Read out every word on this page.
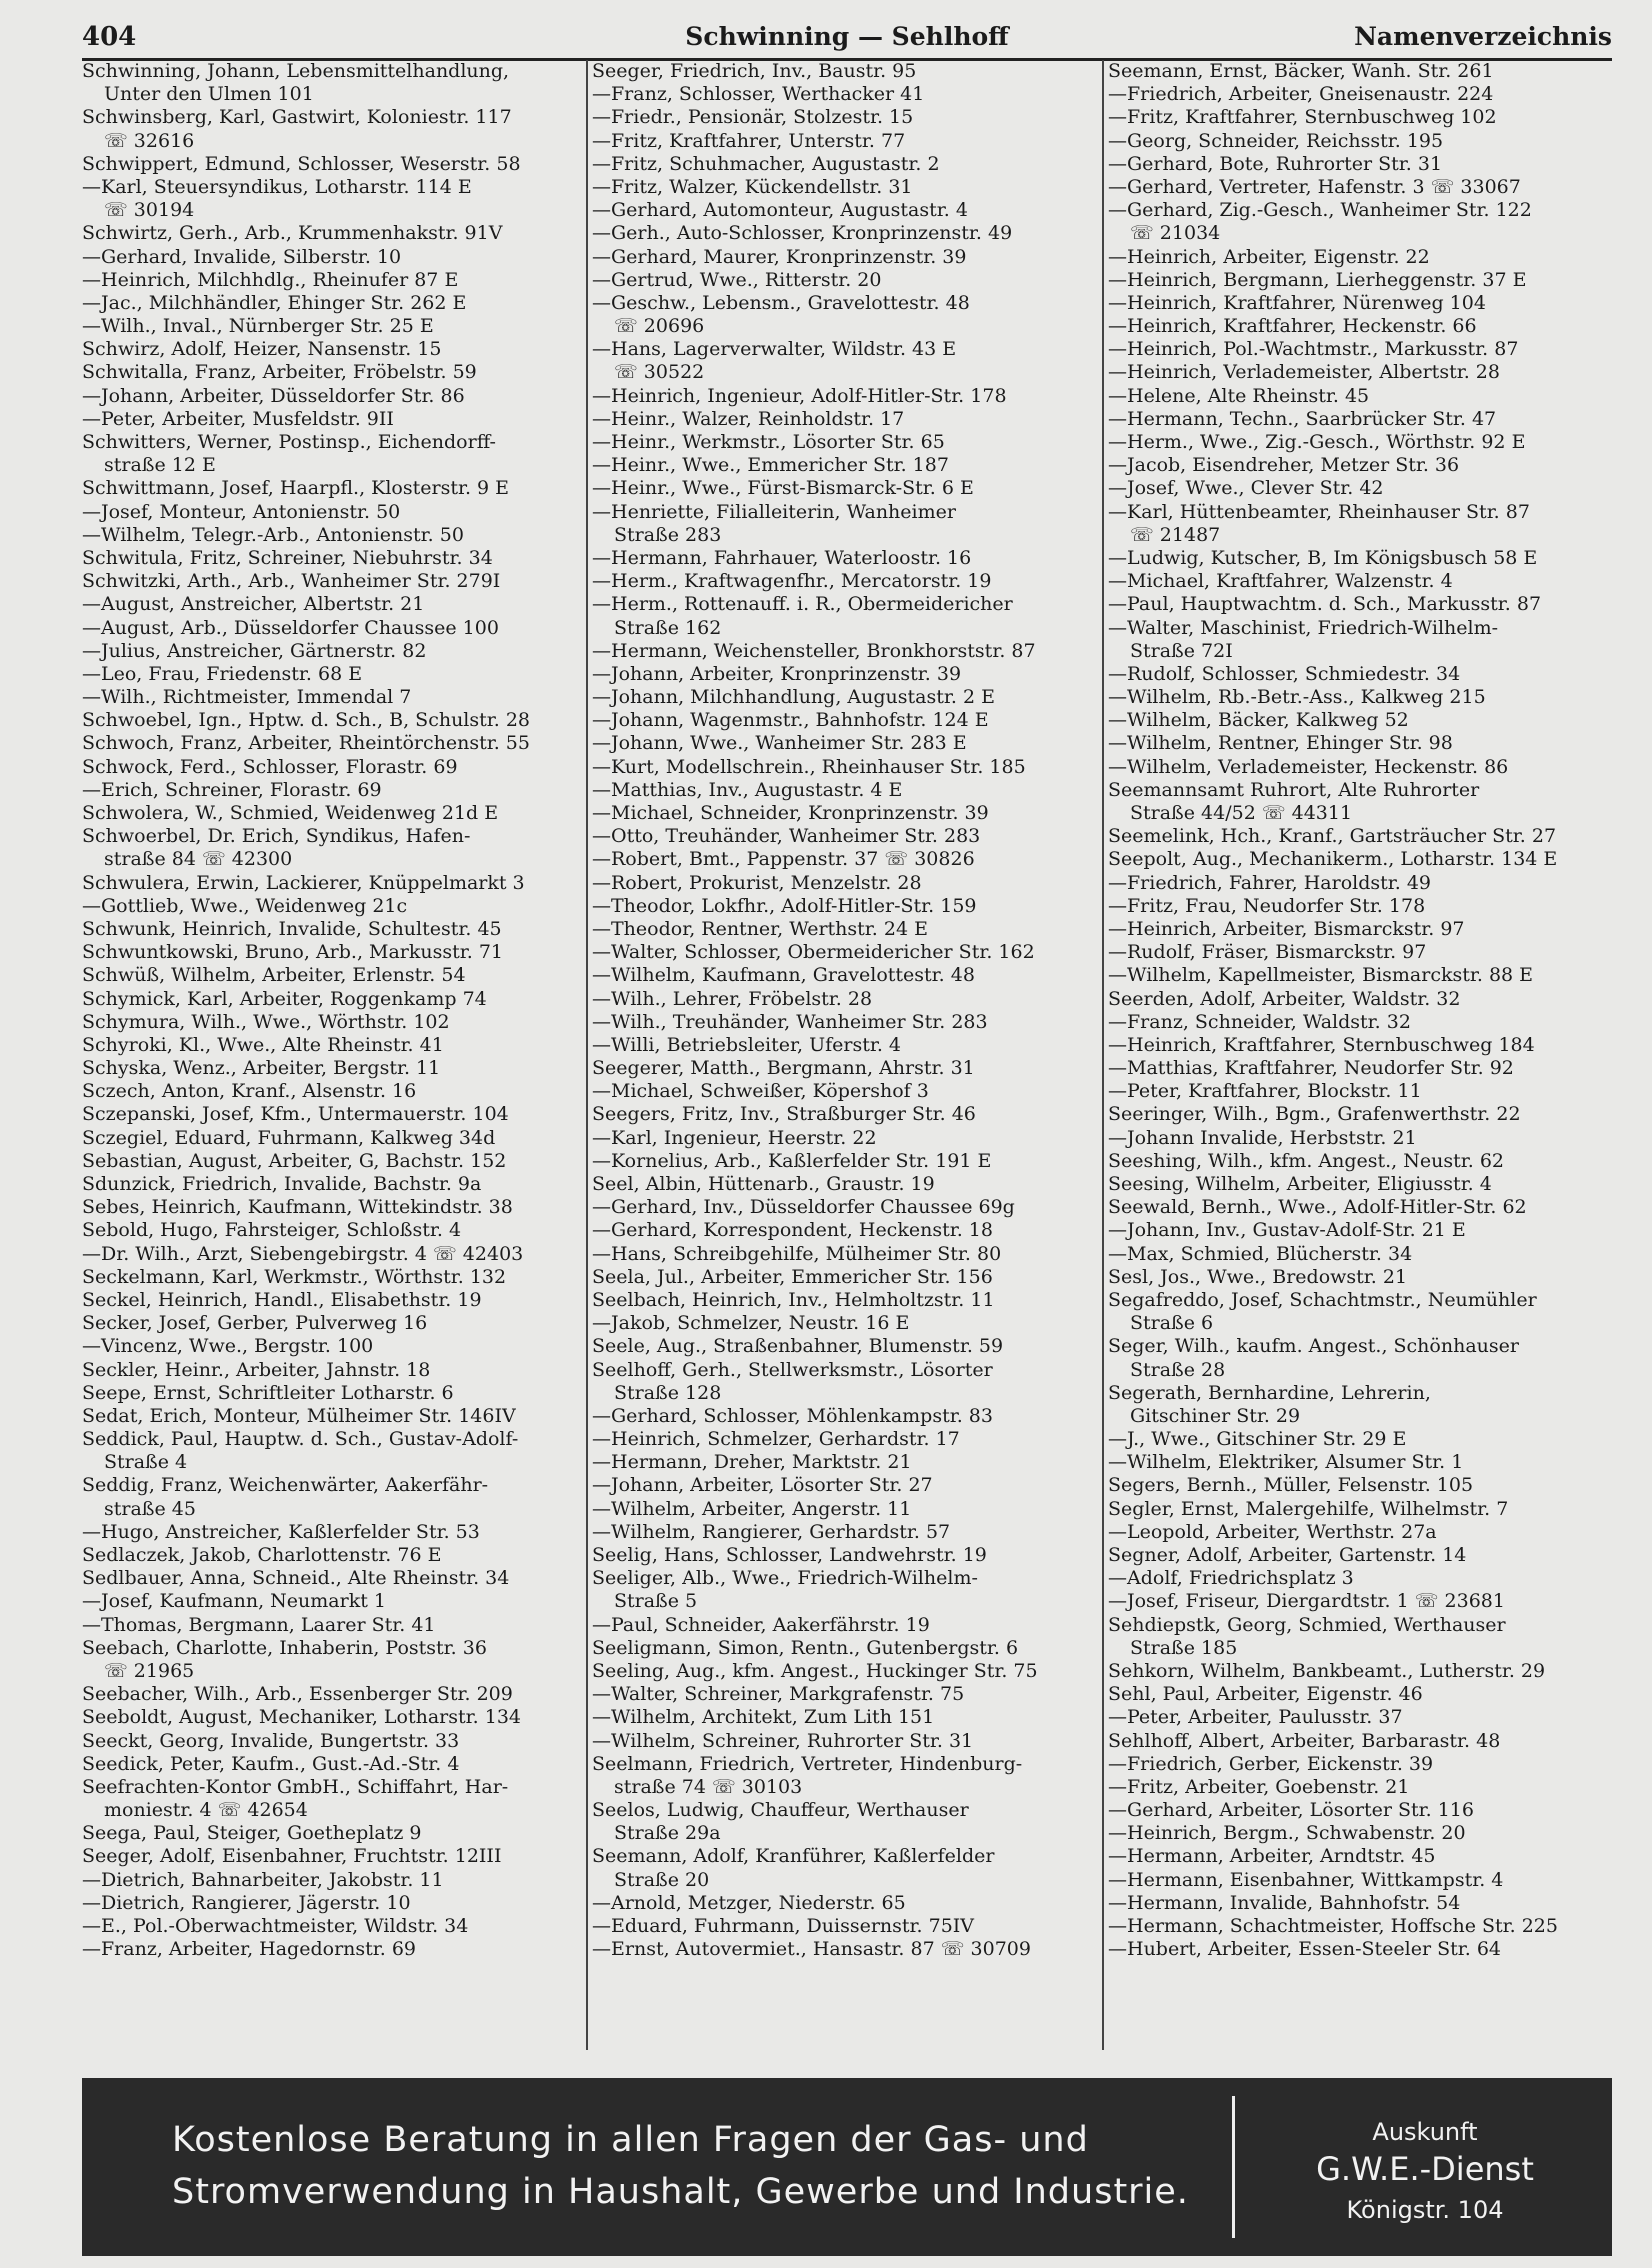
404	Schwinning — Sehlhoff	Namenverzeichnis
Schwinning, Johann, Lebensmittelhandlung,
Unter den Ulmen 101
Schwinsberg, Karl, Gastwirt, Koloniestr. 117
☏ 32616
Schwippert, Edmund, Schlosser, Weserstr. 58
—Karl, Steuersyndikus, Lotharstr. 114 E
☏ 30194
Schwirtz, Gerh., Arb., Krummenhakstr. 91V
—Gerhard, Invalide, Silberstr. 10
—Heinrich, Milchhdlg., Rheinufer 87 E
—Jac., Milchhändler, Ehinger Str. 262 E
—Wilh., Inval., Nürnberger Str. 25 E
Schwirz, Adolf, Heizer, Nansenstr. 15
Schwitalla, Franz, Arbeiter, Fröbelstr. 59
—Johann, Arbeiter, Düsseldorfer Str. 86
—Peter, Arbeiter, Musfeldstr. 9II
Schwitters, Werner, Postinsp., Eichendorff-
straße 12 E
Schwittmann, Josef, Haarpfl., Klosterstr. 9 E
—Josef, Monteur, Antonienstr. 50
—Wilhelm, Telegr.-Arb., Antonienstr. 50
Schwitula, Fritz, Schreiner, Niebuhrstr. 34
Schwitzki, Arth., Arb., Wanheimer Str. 279I
—August, Anstreicher, Albertstr. 21
—August, Arb., Düsseldorfer Chaussee 100
—Julius, Anstreicher, Gärtnerstr. 82
—Leo, Frau, Friedenstr. 68 E
—Wilh., Richtmeister, Immendal 7
Schwoebel, Ign., Hptw. d. Sch., B, Schulstr. 28
Schwoch, Franz, Arbeiter, Rheintörchenstr. 55
Schwock, Ferd., Schlosser, Florastr. 69
—Erich, Schreiner, Florastr. 69
Schwolera, W., Schmied, Weidenweg 21d E
Schwoerbel, Dr. Erich, Syndikus, Hafen-
straße 84 ☏ 42300
Schwulera, Erwin, Lackierer, Knüppelmarkt 3
—Gottlieb, Wwe., Weidenweg 21c
Schwunk, Heinrich, Invalide, Schultestr. 45
Schwuntkowski, Bruno, Arb., Markusstr. 71
Schwüß, Wilhelm, Arbeiter, Erlenstr. 54
Schymick, Karl, Arbeiter, Roggenkamp 74
Schymura, Wilh., Wwe., Wörthstr. 102
Schyroki, Kl., Wwe., Alte Rheinstr. 41
Schyska, Wenz., Arbeiter, Bergstr. 11
Sczech, Anton, Kranf., Alsenstr. 16
Sczepanski, Josef, Kfm., Untermauerstr. 104
Sczegiel, Eduard, Fuhrmann, Kalkweg 34d
Sebastian, August, Arbeiter, G, Bachstr. 152
Sdunzick, Friedrich, Invalide, Bachstr. 9a
Sebes, Heinrich, Kaufmann, Wittekindstr. 38
Sebold, Hugo, Fahrsteiger, Schloßstr. 4
—Dr. Wilh., Arzt, Siebengebirgstr. 4 ☏ 42403
Seckelmann, Karl, Werkmstr., Wörthstr. 132
Seckel, Heinrich, Handl., Elisabethstr. 19
Secker, Josef, Gerber, Pulverweg 16
—Vincenz, Wwe., Bergstr. 100
Seckler, Heinr., Arbeiter, Jahnstr. 18
Seepe, Ernst, Schriftleiter Lotharstr. 6
Sedat, Erich, Monteur, Mülheimer Str. 146IV
Seddick, Paul, Hauptw. d. Sch., Gustav-Adolf-
Straße 4
Seddig, Franz, Weichenwärter, Aakerfähr-
straße 45
—Hugo, Anstreicher, Kaßlerfelder Str. 53
Sedlaczek, Jakob, Charlottenstr. 76 E
Sedlbauer, Anna, Schneid., Alte Rheinstr. 34
—Josef, Kaufmann, Neumarkt 1
—Thomas, Bergmann, Laarer Str. 41
Seebach, Charlotte, Inhaberin, Poststr. 36
☏ 21965
Seebacher, Wilh., Arb., Essenberger Str. 209
Seeboldt, August, Mechaniker, Lotharstr. 134
Seeckt, Georg, Invalide, Bungertstr. 33
Seedick, Peter, Kaufm., Gust.-Ad.-Str. 4
Seefrachten-Kontor GmbH., Schiffahrt, Har-
moniestr. 4 ☏ 42654
Seega, Paul, Steiger, Goetheplatz 9
Seeger, Adolf, Eisenbahner, Fruchtstr. 12III
—Dietrich, Bahnarbeiter, Jakobstr. 11
—Dietrich, Rangierer, Jägerstr. 10
—E., Pol.-Oberwachtmeister, Wildstr. 34
—Franz, Arbeiter, Hagedornstr. 69
Seeger, Friedrich, Inv., Baustr. 95
—Franz, Schlosser, Werthacker 41
—Friedr., Pensionär, Stolzestr. 15
—Fritz, Kraftfahrer, Unterstr. 77
—Fritz, Schuhmacher, Augustastr. 2
—Fritz, Walzer, Kückendellstr. 31
—Gerhard, Automonteur, Augustastr. 4
—Gerh., Auto-Schlosser, Kronprinzenstr. 49
—Gerhard, Maurer, Kronprinzenstr. 39
—Gertrud, Wwe., Ritterstr. 20
—Geschw., Lebensm., Gravelottestr. 48
☏ 20696
—Hans, Lagerverwalter, Wildstr. 43 E
☏ 30522
—Heinrich, Ingenieur, Adolf-Hitler-Str. 178
—Heinr., Walzer, Reinholdstr. 17
—Heinr., Werkmstr., Lösorter Str. 65
—Heinr., Wwe., Emmericher Str. 187
—Heinr., Wwe., Fürst-Bismarck-Str. 6 E
—Henriette, Filialleiterin, Wanheimer
Straße 283
—Hermann, Fahrhauer, Waterloostr. 16
—Herm., Kraftwagenfhr., Mercatorstr. 19
—Herm., Rottenauff. i. R., Obermeidericher
Straße 162
—Hermann, Weichensteller, Bronkhorststr. 87
—Johann, Arbeiter, Kronprinzenstr. 39
—Johann, Milchhandlung, Augustastr. 2 E
—Johann, Wagenmstr., Bahnhofstr. 124 E
—Johann, Wwe., Wanheimer Str. 283 E
—Kurt, Modellschrein., Rheinhauser Str. 185
—Matthias, Inv., Augustastr. 4 E
—Michael, Schneider, Kronprinzenstr. 39
—Otto, Treuhänder, Wanheimer Str. 283
—Robert, Bmt., Pappenstr. 37 ☏ 30826
—Robert, Prokurist, Menzelstr. 28
—Theodor, Lokfhr., Adolf-Hitler-Str. 159
—Theodor, Rentner, Werthstr. 24 E
—Walter, Schlosser, Obermeidericher Str. 162
—Wilhelm, Kaufmann, Gravelottestr. 48
—Wilh., Lehrer, Fröbelstr. 28
—Wilh., Treuhänder, Wanheimer Str. 283
—Willi, Betriebsleiter, Uferstr. 4
Seegerer, Matth., Bergmann, Ahrstr. 31
—Michael, Schweißer, Köpershof 3
Seegers, Fritz, Inv., Straßburger Str. 46
—Karl, Ingenieur, Heerstr. 22
—Kornelius, Arb., Kaßlerfelder Str. 191 E
Seel, Albin, Hüttenarb., Graustr. 19
—Gerhard, Inv., Düsseldorfer Chaussee 69g
—Gerhard, Korrespondent, Heckenstr. 18
—Hans, Schreibgehilfe, Mülheimer Str. 80
Seela, Jul., Arbeiter, Emmericher Str. 156
Seelbach, Heinrich, Inv., Helmholtzstr. 11
—Jakob, Schmelzer, Neustr. 16 E
Seele, Aug., Straßenbahner, Blumenstr. 59
Seelhoff, Gerh., Stellwerksmstr., Lösorter
Straße 128
—Gerhard, Schlosser, Möhlenkampstr. 83
—Heinrich, Schmelzer, Gerhardstr. 17
—Hermann, Dreher, Marktstr. 21
—Johann, Arbeiter, Lösorter Str. 27
—Wilhelm, Arbeiter, Angerstr. 11
—Wilhelm, Rangierer, Gerhardstr. 57
Seelig, Hans, Schlosser, Landwehrstr. 19
Seeliger, Alb., Wwe., Friedrich-Wilhelm-
Straße 5
—Paul, Schneider, Aakerfährstr. 19
Seeligmann, Simon, Rentn., Gutenbergstr. 6
Seeling, Aug., kfm. Angest., Huckinger Str. 75
—Walter, Schreiner, Markgrafenstr. 75
—Wilhelm, Architekt, Zum Lith 151
—Wilhelm, Schreiner, Ruhrorter Str. 31
Seelmann, Friedrich, Vertreter, Hindenburg-
straße 74 ☏ 30103
Seelos, Ludwig, Chauffeur, Werthauser
Straße 29a
Seemann, Adolf, Kranführer, Kaßlerfelder
Straße 20
—Arnold, Metzger, Niederstr. 65
—Eduard, Fuhrmann, Duissernstr. 75IV
—Ernst, Autovermiet., Hansastr. 87 ☏ 30709
Seemann, Ernst, Bäcker, Wanh. Str. 261
—Friedrich, Arbeiter, Gneisenaustr. 224
—Fritz, Kraftfahrer, Sternbuschweg 102
—Georg, Schneider, Reichsstr. 195
—Gerhard, Bote, Ruhrorter Str. 31
—Gerhard, Vertreter, Hafenstr. 3 ☏ 33067
—Gerhard, Zig.-Gesch., Wanheimer Str. 122
☏ 21034
—Heinrich, Arbeiter, Eigenstr. 22
—Heinrich, Bergmann, Lierheggenstr. 37 E
—Heinrich, Kraftfahrer, Nürenweg 104
—Heinrich, Kraftfahrer, Heckenstr. 66
—Heinrich, Pol.-Wachtmstr., Markusstr. 87
—Heinrich, Verlademeister, Albertstr. 28
—Helene, Alte Rheinstr. 45
—Hermann, Techn., Saarbrücker Str. 47
—Herm., Wwe., Zig.-Gesch., Wörthstr. 92 E
—Jacob, Eisendreher, Metzer Str. 36
—Josef, Wwe., Clever Str. 42
—Karl, Hüttenbeamter, Rheinhauser Str. 87
☏ 21487
—Ludwig, Kutscher, B, Im Königsbusch 58 E
—Michael, Kraftfahrer, Walzenstr. 4
—Paul, Hauptwachtm. d. Sch., Markusstr. 87
—Walter, Maschinist, Friedrich-Wilhelm-
Straße 72I
—Rudolf, Schlosser, Schmiedestr. 34
—Wilhelm, Rb.-Betr.-Ass., Kalkweg 215
—Wilhelm, Bäcker, Kalkweg 52
—Wilhelm, Rentner, Ehinger Str. 98
—Wilhelm, Verlademeister, Heckenstr. 86
Seemannsamt Ruhrort, Alte Ruhrorter
Straße 44/52 ☏ 44311
Seemelink, Hch., Kranf., Gartsträucher Str. 27
Seepolt, Aug., Mechanikerm., Lotharstr. 134 E
—Friedrich, Fahrer, Haroldstr. 49
—Fritz, Frau, Neudorfer Str. 178
—Heinrich, Arbeiter, Bismarckstr. 97
—Rudolf, Fräser, Bismarckstr. 97
—Wilhelm, Kapellmeister, Bismarckstr. 88 E
Seerden, Adolf, Arbeiter, Waldstr. 32
—Franz, Schneider, Waldstr. 32
—Heinrich, Kraftfahrer, Sternbuschweg 184
—Matthias, Kraftfahrer, Neudorfer Str. 92
—Peter, Kraftfahrer, Blockstr. 11
Seeringer, Wilh., Bgm., Grafenwerthstr. 22
—Johann Invalide, Herbststr. 21
Seeshing, Wilh., kfm. Angest., Neustr. 62
Seesing, Wilhelm, Arbeiter, Eligiusstr. 4
Seewald, Bernh., Wwe., Adolf-Hitler-Str. 62
—Johann, Inv., Gustav-Adolf-Str. 21 E
—Max, Schmied, Blücherstr. 34
Sesl, Jos., Wwe., Bredowstr. 21
Segafreddo, Josef, Schachtmstr., Neumühler
Straße 6
Seger, Wilh., kaufm. Angest., Schönhauser
Straße 28
Segerath, Bernhardine, Lehrerin,
Gitschiner Str. 29
—J., Wwe., Gitschiner Str. 29 E
—Wilhelm, Elektriker, Alsumer Str. 1
Segers, Bernh., Müller, Felsenstr. 105
Segler, Ernst, Malergehilfe, Wilhelmstr. 7
—Leopold, Arbeiter, Werthstr. 27a
Segner, Adolf, Arbeiter, Gartenstr. 14
—Adolf, Friedrichsplatz 3
—Josef, Friseur, Diergardtstr. 1 ☏ 23681
Sehdiepstk, Georg, Schmied, Werthauser
Straße 185
Sehkorn, Wilhelm, Bankbeamt., Lutherstr. 29
Sehl, Paul, Arbeiter, Eigenstr. 46
—Peter, Arbeiter, Paulusstr. 37
Sehlhoff, Albert, Arbeiter, Barbarastr. 48
—Friedrich, Gerber, Eickenstr. 39
—Fritz, Arbeiter, Goebenstr. 21
—Gerhard, Arbeiter, Lösorter Str. 116
—Heinrich, Bergm., Schwabenstr. 20
—Hermann, Arbeiter, Arndtstr. 45
—Hermann, Eisenbahner, Wittkampstr. 4
—Hermann, Invalide, Bahnhofstr. 54
—Hermann, Schachtmeister, Hoffsche Str. 225
—Hubert, Arbeiter, Essen-Steeler Str. 64
Kostenlose Beratung in allen Fragen der Gas- und
Stromverwendung in Haushalt, Gewerbe und Industrie.
Auskunft
G.W.E.-Dienst
Königstr. 104
